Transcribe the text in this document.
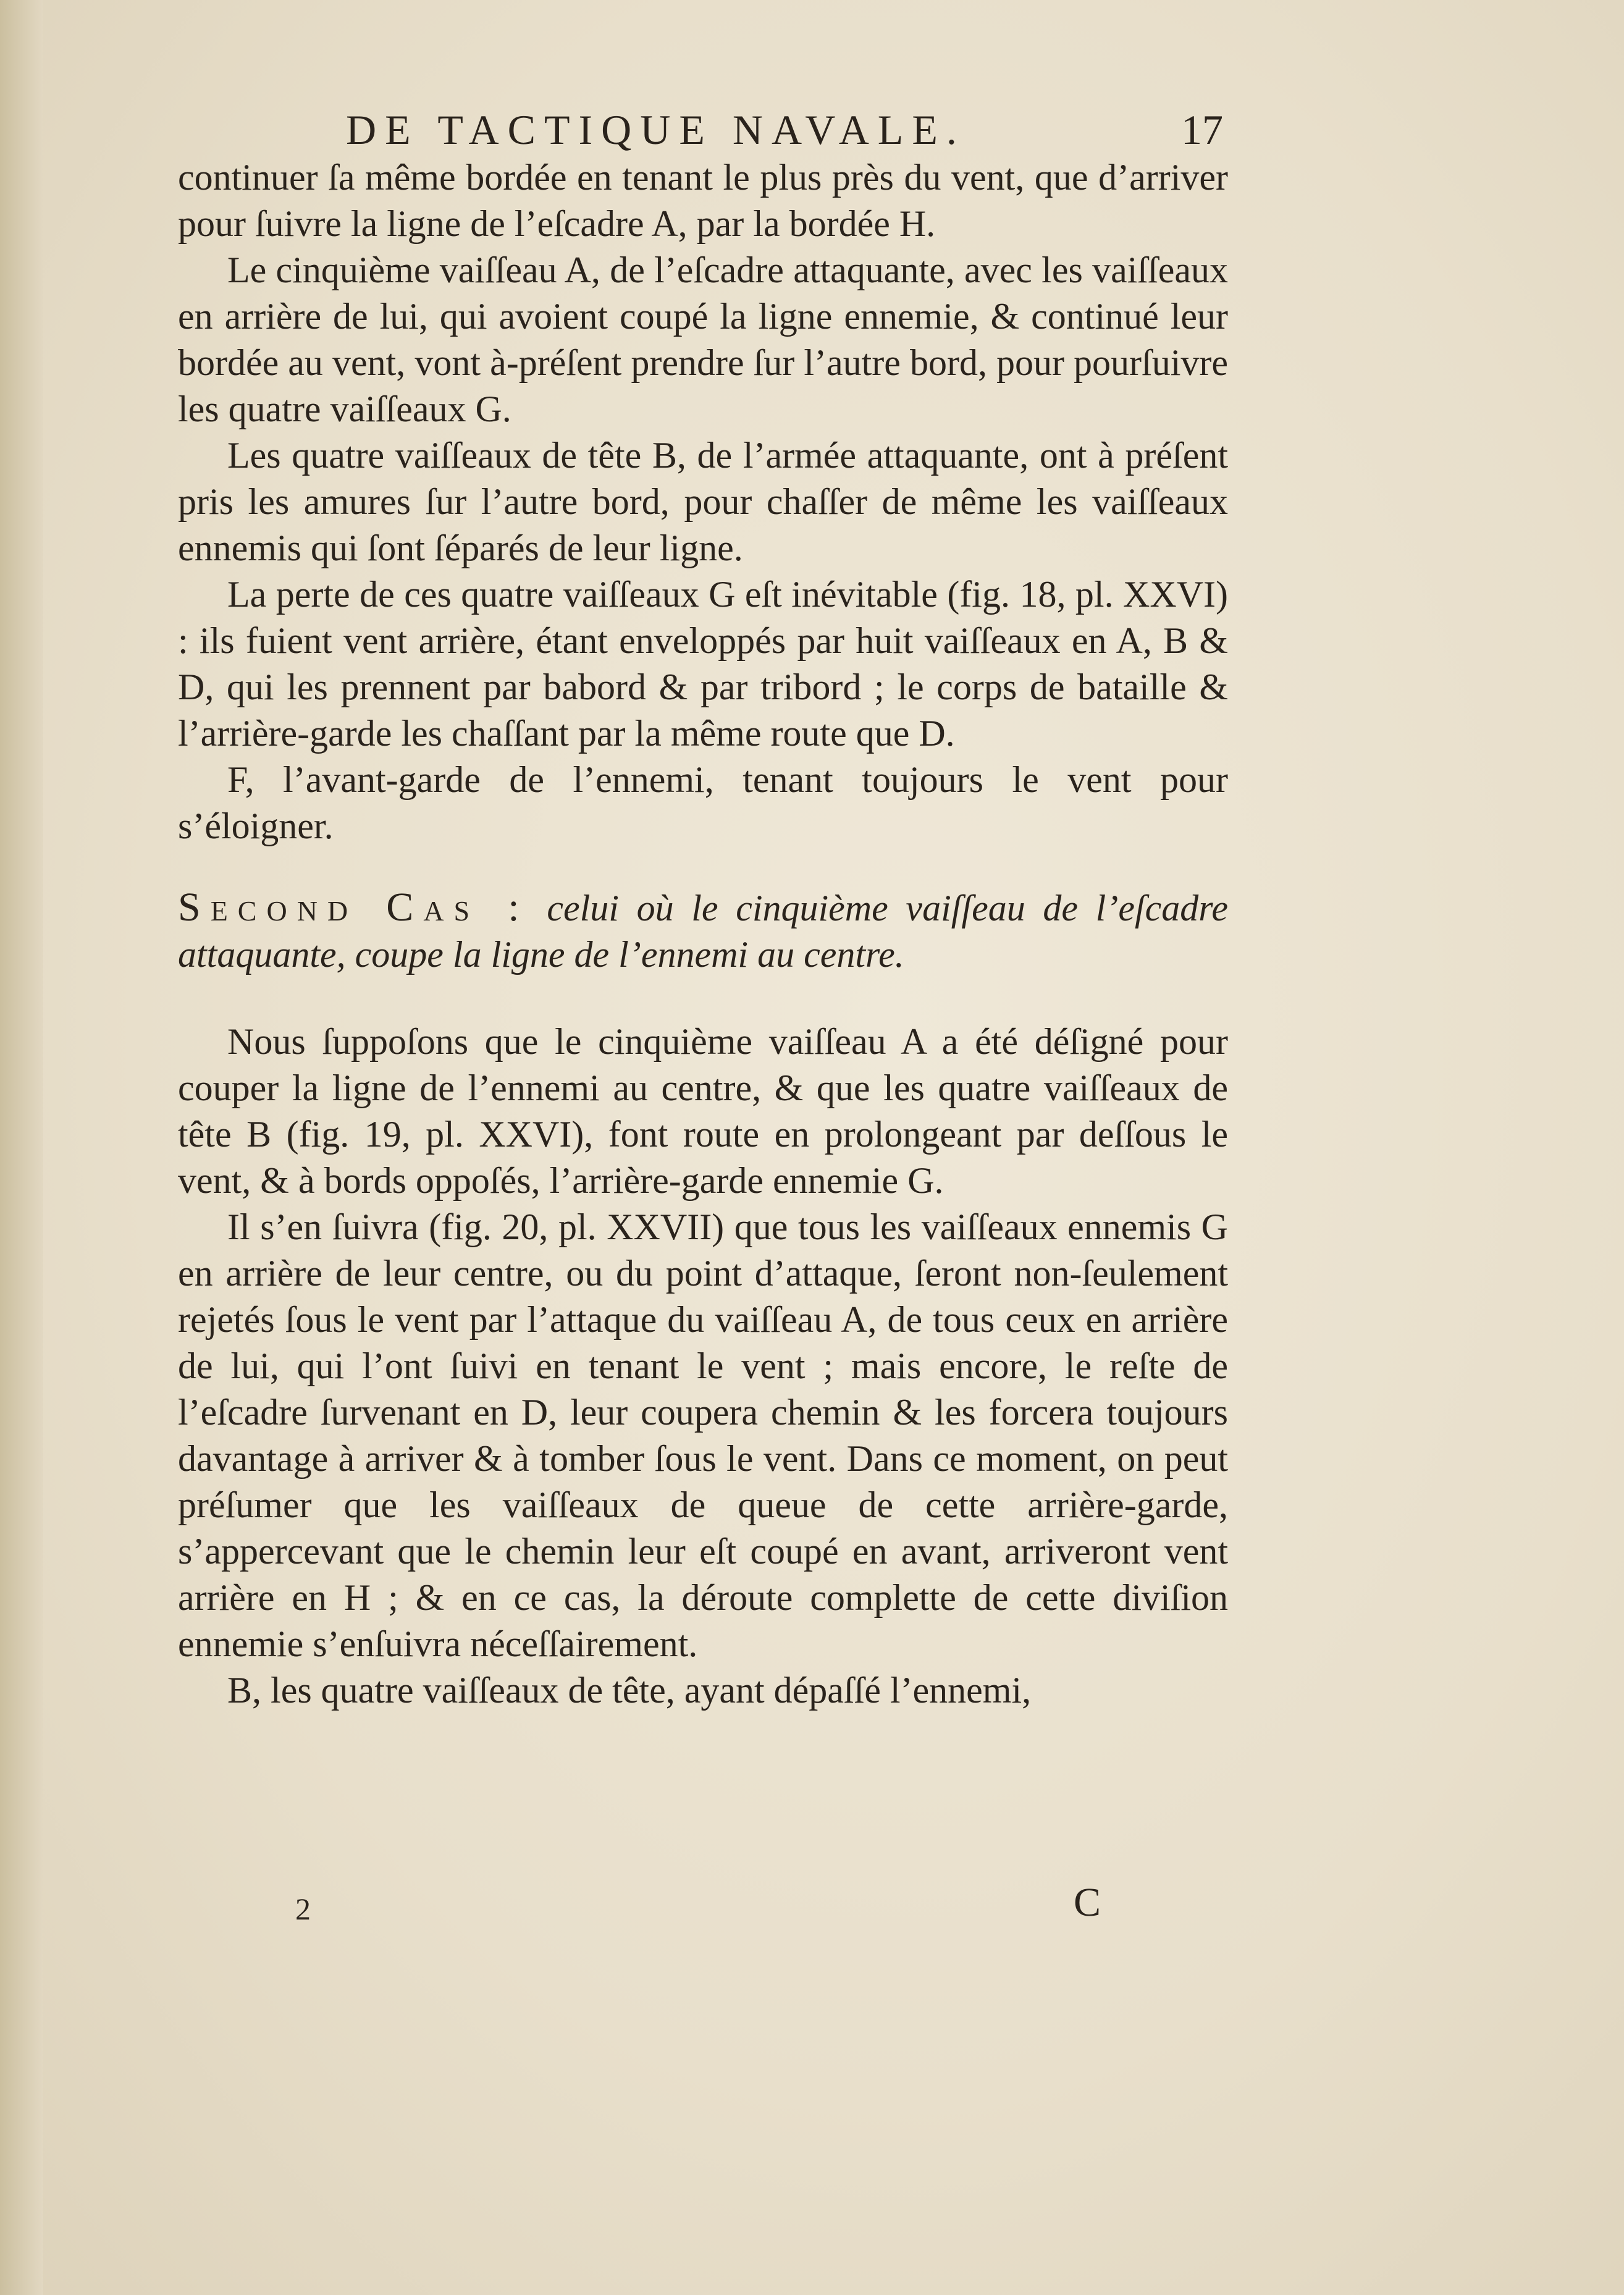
DE TACTIQUE NAVALE.	17

continuer ſa même bordée en tenant le plus près du vent, que d’arriver pour ſuivre la ligne de l’eſcadre A, par la bordée H.

Le cinquième vaiſſeau A, de l’eſcadre attaquante, avec les vaiſſeaux en arrière de lui, qui avoient coupé la ligne ennemie, & continué leur bordée au vent, vont à-préſent prendre ſur l’autre bord, pour pourſuivre les quatre vaiſſeaux G.

Les quatre vaiſſeaux de tête B, de l’armée attaquante, ont à préſent pris les amures ſur l’autre bord, pour chaſſer de même les vaiſſeaux ennemis qui ſont ſéparés de leur ligne.

La perte de ces quatre vaiſſeaux G eſt inévitable (fig. 18, pl. XXVI) : ils fuient vent arrière, étant enveloppés par huit vaiſſeaux en A, B & D, qui les prennent par babord & par tribord ; le corps de bataille & l’arrière-garde les chaſſant par la même route que D.

F, l’avant-garde de l’ennemi, tenant toujours le vent pour s’éloigner.

Second Cas : celui où le cinquième vaiſſeau de l’eſcadre attaquante, coupe la ligne de l’ennemi au centre.

Nous ſuppoſons que le cinquième vaiſſeau A a été déſigné pour couper la ligne de l’ennemi au centre, & que les quatre vaiſſeaux de tête B (fig. 19, pl. XXVI), font route en prolongeant par deſſous le vent, & à bords oppoſés, l’arrière-garde ennemie G.

Il s’en ſuivra (fig. 20, pl. XXVII) que tous les vaiſſeaux ennemis G en arrière de leur centre, ou du point d’attaque, ſeront non-ſeulement rejetés ſous le vent par l’attaque du vaiſſeau A, de tous ceux en arrière de lui, qui l’ont ſuivi en tenant le vent ; mais encore, le reſte de l’eſcadre ſurvenant en D, leur coupera chemin & les forcera toujours davantage à arriver & à tomber ſous le vent. Dans ce moment, on peut préſumer que les vaiſſeaux de queue de cette arrière-garde, s’appercevant que le chemin leur eſt coupé en avant, arriveront vent arrière en H ; & en ce cas, la déroute complette de cette diviſion ennemie s’enſuivra néceſſairement.

B, les quatre vaiſſeaux de tête, ayant dépaſſé l’ennemi,

2	C
